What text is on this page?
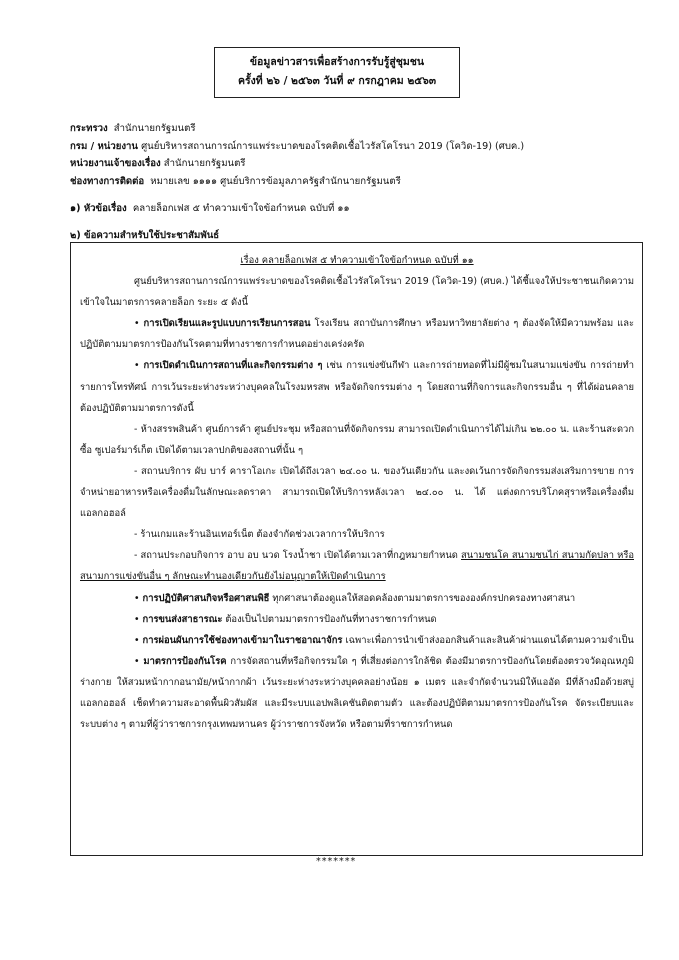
ข้อมูลข่าวสารเพื่อสร้างการรับรู้สู่ชุมชน
ครั้งที่ ๒๖ / ๒๕๖๓ วันที่ ๙ กรกฎาคม ๒๕๖๓
กระทรวง สำนักนายกรัฐมนตรี
กรม / หน่วยงาน ศูนย์บริหารสถานการณ์การแพร่ระบาดของโรคติดเชื้อไวรัสโคโรนา 2019 (โควิด-19) (ศบค.)
หน่วยงานเจ้าของเรื่อง สำนักนายกรัฐมนตรี
ช่องทางการติดต่อ หมายเลข ๑๑๑๑ ศูนย์บริการข้อมูลภาครัฐสำนักนายกรัฐมนตรี
๑) หัวข้อเรื่อง คลายล็อกเฟส ๕ ทำความเข้าใจข้อกำหนด ฉบับที่ ๑๑
๒) ข้อความสำหรับใช้ประชาสัมพันธ์
เรื่อง คลายล็อกเฟส ๕ ทำความเข้าใจข้อกำหนด ฉบับที่ ๑๑

ศูนย์บริหารสถานการณ์การแพร่ระบาดของโรคติดเชื้อไวรัสโคโรนา 2019 (โควิด-19) (ศบค.) ได้ชี้แจงให้ประชาชนเกิดความเข้าใจในมาตรการคลายล็อก ระยะ ๕ ดังนี้

• การเปิดเรียนและรูปแบบการเรียนการสอน โรงเรียน สถาบันการศึกษา หรือมหาวิทยาลัยต่าง ๆ ต้องจัดให้มีความพร้อม และปฏิบัติตามมาตรการป้องกันโรคตามที่ทางราชการกำหนดอย่างเคร่งครัด

• การเปิดดำเนินการสถานที่และกิจกรรมต่าง ๆ เช่น การแข่งขันกีฬา และการถ่ายทอดที่ไม่มีผู้ชมในสนามแข่งขัน การถ่ายทำรายการโทรทัศน์ การเว้นระยะห่างระหว่างบุคคลในโรงมหรสพ หรือจัดกิจกรรมต่าง ๆ โดยสถานที่กิจการและกิจกรรมอื่น ๆ ที่ได้ผ่อนคลาย ต้องปฏิบัติตามมาตรการดังนี้

- ห้างสรรพสินค้า ศูนย์การค้า ศูนย์ประชุม หรือสถานที่จัดกิจกรรม สามารถเปิดดำเนินการได้ไม่เกิน ๒๒.๐๐ น. และร้านสะดวกซื้อ ซูเปอร์มาร์เก็ต เปิดได้ตามเวลาปกติของสถานที่นั้น ๆ

- สถานบริการ ผับ บาร์ คาราโอเกะ เปิดได้ถึงเวลา ๒๔.๐๐ น. ของวันเดียวกัน และงดเว้นการจัดกิจกรรมส่งเสริมการขาย การจำหน่ายอาหารหรือเครื่องดื่มในลักษณะลดราคา สามารถเปิดให้บริการหลังเวลา ๒๔.๐๐ น. ได้ แต่งดการบริโภคสุราหรือเครื่องดื่มแอลกอฮอล์

- ร้านเกมและร้านอินเทอร์เน็ต ต้องจำกัดช่วงเวลาการให้บริการ

- สถานประกอบกิจการ อาบ อบ นวด โรงน้ำชา เปิดได้ตามเวลาที่กฎหมายกำหนด สนามชนโค สนามชนไก่ สนามกัดปลา หรือสนามการแข่งขันอื่น ๆ ลักษณะทำนองเดียวกันยังไม่อนุญาตให้เปิดดำเนินการ

• การปฏิบัติศาสนกิจหรือศาสนพิธี ทุกศาสนาต้องดูแลให้สอดคล้องตามมาตรการขององค์กรปกครองทางศาสนา

• การขนส่งสาธารณะ ต้องเป็นไปตามมาตรการป้องกันที่ทางราชการกำหนด

• การผ่อนผันการใช้ช่องทางเข้ามาในราชอาณาจักร เฉพาะเพื่อการนำเข้าส่งออกสินค้าและสินค้าผ่านแดนได้ตามความจำเป็น

• มาตรการป้องกันโรค การจัดสถานที่หรือกิจกรรมใด ๆ ที่เสี่ยงต่อการใกล้ชิด ต้องมีมาตรการป้องกันโดยต้องตรวจวัดอุณหภูมิร่างกาย ให้สวมหน้ากากอนามัย/หน้ากากผ้า เว้นระยะห่างระหว่างบุคคลอย่างน้อย ๑ เมตร และจำกัดจำนวนมิให้แออัด มีที่ล้างมือด้วยสบู่ แอลกอฮอล์ เช็ดทำความสะอาดพื้นผิวสัมผัส และมีระบบแอปพลิเคชันติดตามตัว และต้องปฏิบัติตามมาตรการป้องกันโรค จัดระเบียบและระบบต่าง ๆ ตามที่ผู้ว่าราชการกรุงเทพมหานคร ผู้ว่าราชการจังหวัด หรือตามที่ราชการกำหนด

*******
